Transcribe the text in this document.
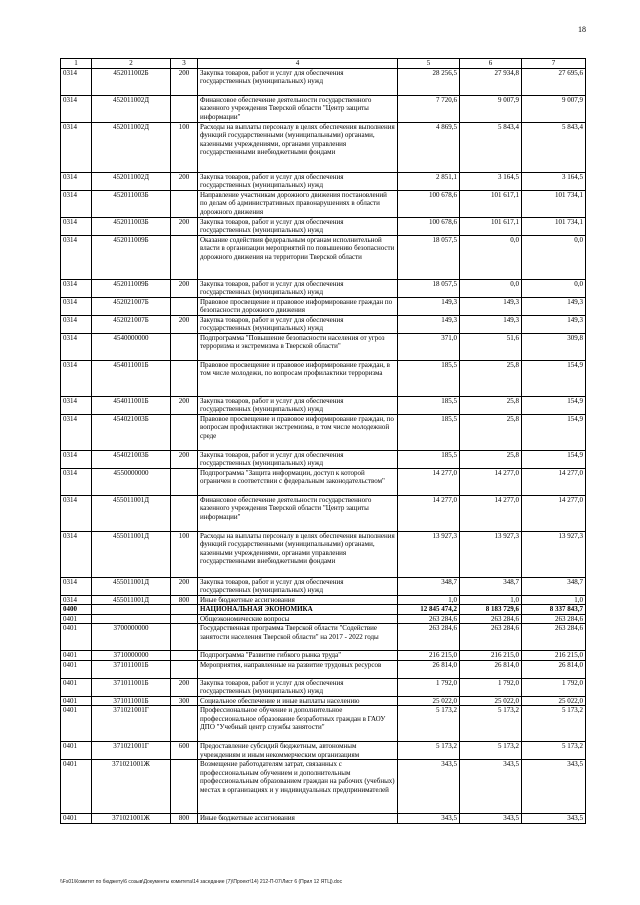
18
1	2	3	4	5	6	7
0314	452011002Б	200	Закупка товаров, работ и услуг для обеспечения государственных (муниципальных) нужд	28 256,5	27 934,8	27 695,6
0314	452011002Д		Финансовое обеспечение деятельности государственного казенного учреждения Тверской области "Центр защиты информации"	7 720,6	9 007,9	9 007,9
0314	452011002Д	100	Расходы на выплаты персоналу в целях обеспечения выполнения функций государственными (муниципальными) органами, казенными учреждениями, органами управления государственными внебюджетными фондами	4 869,5	5 843,4	5 843,4
0314	452011002Д	200	Закупка товаров, работ и услуг для обеспечения государственных (муниципальных) нужд	2 851,1	3 164,5	3 164,5
0314	452011003Б		Направление участникам дорожного движения постановлений по делам об административных правонарушениях в области дорожного движения	100 678,6	101 617,1	101 734,1
0314	452011003Б	200	Закупка товаров, работ и услуг для обеспечения государственных (муниципальных) нужд	100 678,6	101 617,1	101 734,1
0314	452011009Б		Оказание содействия федеральным органам исполнительной власти в организации мероприятий по повышению безопасности дорожного движения на территории Тверской области	18 057,5	0,0	0,0
0314	452011009Б	200	Закупка товаров, работ и услуг для обеспечения государственных (муниципальных) нужд	18 057,5	0,0	0,0
0314	452021007Б		Правовое просвещение и правовое информирование граждан по безопасности дорожного движения	149,3	149,3	149,3
0314	452021007Б	200	Закупка товаров, работ и услуг для обеспечения государственных (муниципальных) нужд	149,3	149,3	149,3
0314	4540000000		Подпрограмма "Повышение безопасности населения от угроз терроризма и экстремизма в Тверской области"	371,0	51,6	309,8
0314	454011001Б		Правовое просвещение и правовое информирование граждан, в том числе молодежи, по вопросам профилактики терроризма	185,5	25,8	154,9
0314	454011001Б	200	Закупка товаров, работ и услуг для обеспечения государственных (муниципальных) нужд	185,5	25,8	154,9
0314	454021003Б		Правовое просвещение и правовое информирование граждан, по вопросам профилактики экстремизма, в том числе молодежной среде	185,5	25,8	154,9
0314	454021003Б	200	Закупка товаров, работ и услуг для обеспечения государственных (муниципальных) нужд	185,5	25,8	154,9
0314	4550000000		Подпрограмма "Защита информации, доступ к которой ограничен в соответствии с федеральным законодательством"	14 277,0	14 277,0	14 277,0
0314	455011001Д		Финансовое обеспечение деятельности государственного казенного учреждения Тверской области "Центр защиты информации"	14 277,0	14 277,0	14 277,0
0314	455011001Д	100	Расходы на выплаты персоналу в целях обеспечения выполнения функций государственными (муниципальными) органами, казенными учреждениями, органами управления государственными внебюджетными фондами	13 927,3	13 927,3	13 927,3
0314	455011001Д	200	Закупка товаров, работ и услуг для обеспечения государственных (муниципальных) нужд	348,7	348,7	348,7
0314	455011001Д	800	Иные бюджетные ассигнования	1,0	1,0	1,0
0400			НАЦИОНАЛЬНАЯ ЭКОНОМИКА	12 845 474,2	8 183 729,6	8 337 843,7
0401			Общеэкономические вопросы	263 284,6	263 284,6	263 284,6
0401	3700000000		Государственная программа Тверской области "Содействие занятости населения Тверской области" на 2017 - 2022 годы	263 284,6	263 284,6	263 284,6
0401	3710000000		Подпрограмма "Развитие гибкого рынка труда"	216 215,0	216 215,0	216 215,0
0401	371011001Б		Мероприятия, направленные на развитие трудовых ресурсов	26 814,0	26 814,0	26 814,0
0401	371011001Б	200	Закупка товаров, работ и услуг для обеспечения государственных (муниципальных) нужд	1 792,0	1 792,0	1 792,0
0401	371011001Б	300	Социальное обеспечение и иные выплаты населению	25 022,0	25 022,0	25 022,0
0401	371021001Г		Профессиональное обучение и дополнительное профессиональное образование безработных граждан в ГАОУ ДПО "Учебный центр службы занятости"	5 173,2	5 173,2	5 173,2
0401	371021001Г	600	Предоставление субсидий бюджетным, автономным учреждениям и иным некоммерческим организациям	5 173,2	5 173,2	5 173,2
0401	371021001Ж		Возмещение работодателям затрат, связанных с профессиональным обучением и дополнительным профессиональным образованием граждан на рабочих (учебных) местах в организациях и у индивидуальных предпринимателей	343,5	343,5	343,5
0401	371021001Ж	800	Иные бюджетные ассигнования	343,5	343,5	343,5
\\Fs01\Комитет по бюджету\6 созыв\Документы комитета\14 заседание (7)\Проект\14) 212-П-07\Лист 6 (Прил 12 ЯТЦ).doc
